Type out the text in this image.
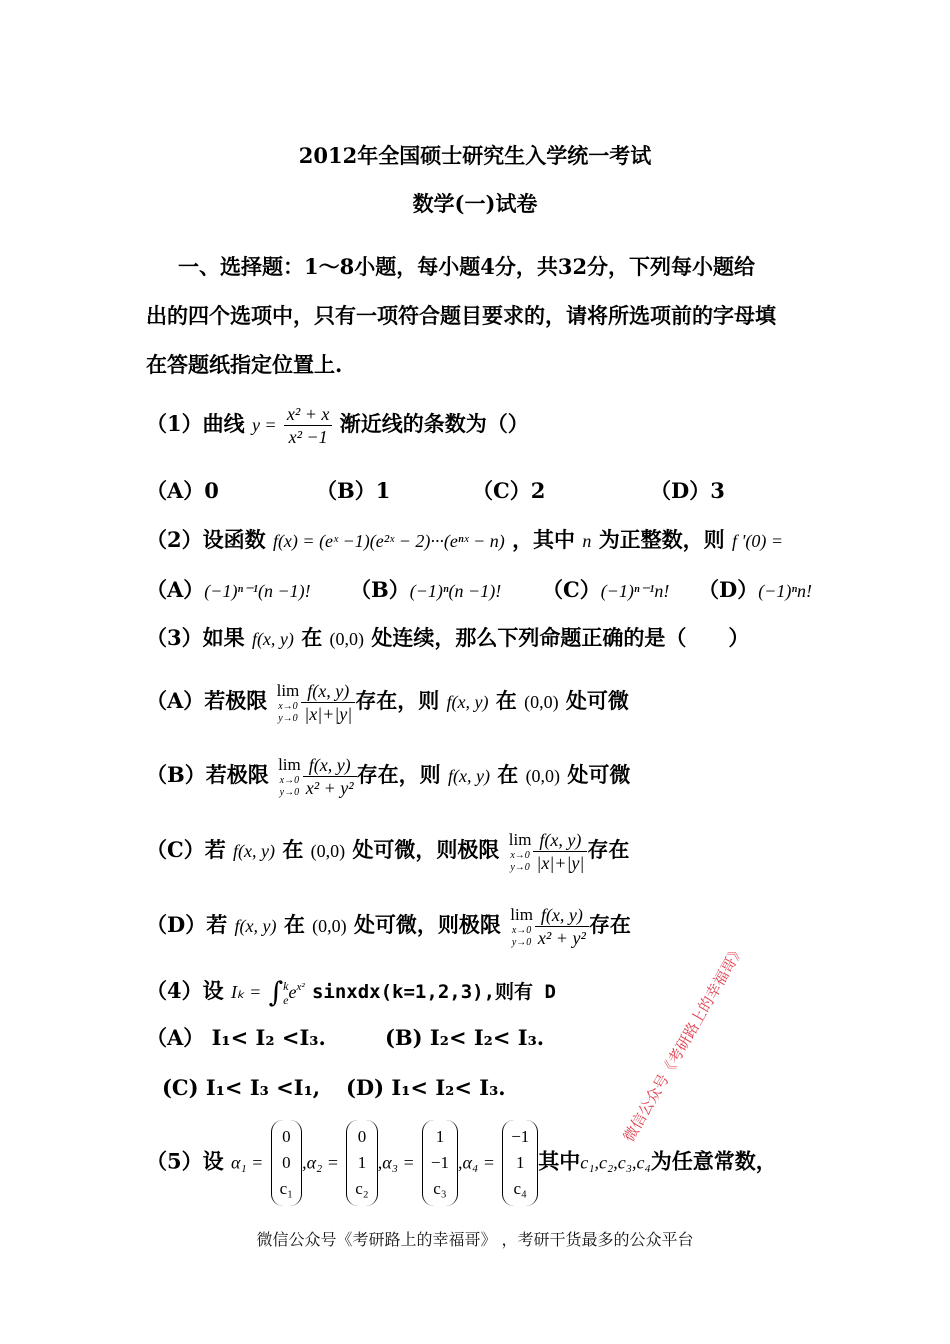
2012年全国硕士研究生入学统一考试
数学(一)试卷
一、选择题：1～8小题，每小题4分，共32分，下列每小题给
出的四个选项中，只有一项符合题目要求的，请将所选项前的字母填
在答题纸指定位置上.
（1）曲线 $y = \frac{\text{x² + x}}{\text{x² −1}}$ 渐近线的条数为（）
（A）0	（B）1	（C）2	（D）3
（2）设函数 f(x) = (eˣ −1)(e²ˣ − 2)···(eⁿˣ − n) ，其中 n 为正整数，则 f '(0) =
（A）(−1)ⁿ⁻¹(n −1)! （B）(−1)ⁿ(n −1)! （C）(−1)ⁿ⁻¹n! （D）(−1)ⁿn!
（3）如果 f(x, y) 在 (0,0) 处连续，那么下列命题正确的是（　　）
（A）若极限 lim
x→0
$y\to 0 \frac{f(x, y)}{|x|+|y|}$ 存在，则 f(x, y) 在 (0,0) 处可微
（B）若极限 lim
x→0
$y\to 0 \frac{f(x, y)}{\text{x² + y²}}$ 存在，则 f(x, y) 在 (0,0) 处可微
（C）若 f(x, y) 在 (0,0) 处可微，则极限 lim
x→0
$y\to 0 \frac{f(x, y)}{|x|+|y|}$ 存在
（D）若 f(x, y) 在 (0,0) 处可微，则极限 lim
x→0
$y\to 0 \frac{f(x, y)}{\text{x² + y²}}$ 存在
（4）设 Iₖ = ∫ k
e $e^{x^2}$ sinxdx(k=1,2,3),则有 D
（A） I₁< I₂ <I₃.	(B) I₂< I₂< I₃.
(C) I₁< I₃ <I₁, (D) I₁< I₂< I₃.
（5）设 α₁ =
0
0
c₁
,α₂ =
0
1
c₂
,α₃ =
1
−1
c₃
,α₄ =
−1
1
c₄
其中c₁,c₂,c₃,c₄为任意常数，
微信公众号《考研路上的幸福哥》
微信公众号《考研路上的幸福哥》 ，考研干货最多的公众平台
